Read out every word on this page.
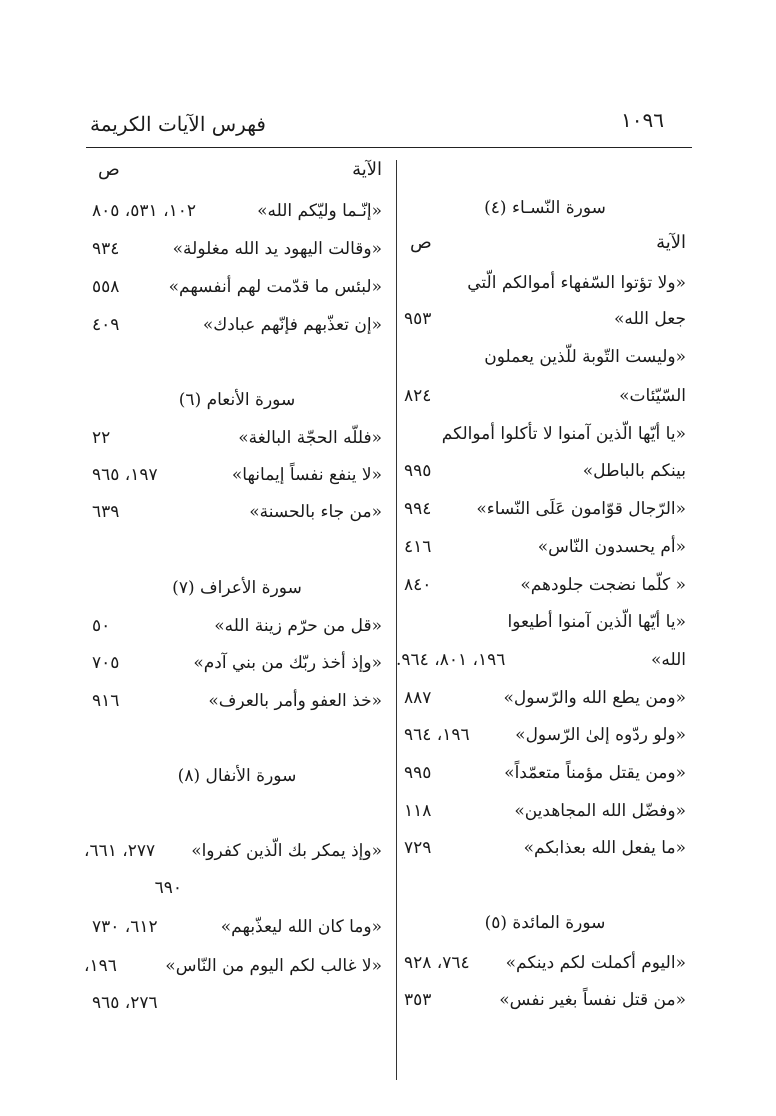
فهرس الآيات الكريمة	١٠٩٦
سورة النّسـاء (٤)
الآية
ص
«ولا تؤتوا السّفهاء أموالكم الّتي
جعل الله»
٩٥٣
«وليست التّوبة للّذين يعملون
السّيّئات»
٨٢٤
«يا أيّها الّذين آمنوا لا تأكلوا أموالكم
بينكم بالباطل»
٩٩٥
«الرّجال قوّامون عَلَى النّساء»
٩٩٤
«أم يحسدون النّاس»
٤١٦
« كلّما نضجت جلودهم»
٨٤٠
«يا أيّها الّذين آمنوا أطيعوا
الله»
١٩٦، ٨٠١، ٩٦٤.
«ومن يطع الله والرّسول»
٨٨٧
«ولو ردّوه إلىٰ الرّسول»
١٩٦، ٩٦٤
«ومن يقتل مؤمناً متعمّداً»
٩٩٥
«وفضّل الله المجاهدين»
١١٨
«ما يفعل الله بعذابكم»
٧٢٩
سورة المائدة (٥)
«اليوم أكملت لكم دينكم»
٧٦٤، ٩٢٨
«من قتل نفساً بغير نفس»
٣٥٣
الآية
ص
«إنّـما وليّكم الله»
١٠٢، ٥٣١، ٨٠٥
«وقالت اليهود يد الله مغلولة»
٩٣٤
«لبئس ما قدّمت لهم أنفسهم»
٥٥٨
«إن تعذّبهم فإنّهم عبادك»
٤٠٩
سورة الأنعام (٦)
«فللّه الحجّة البالغة»
٢٢
«لا ينفع نفساً إيمانها»
١٩٧، ٩٦٥
«من جاء بالحسنة»
٦٣٩
سورة الأعراف (٧)
«قل من حرّم زينة الله»
٥٠
«وإذ أخذ ربّك من بني آدم»
٧٠٥
«خذ العفو وأمر بالعرف»
٩١٦
سورة الأنفال (٨)
«وإذ يمكر بك الّذين كفروا»
٢٧٧، ٦٦١،
٦٩٠
«وما كان الله ليعذّبهم»
٦١٢، ٧٣٠
«لا غالب لكم اليوم من النّاس»
١٩٦،
٢٧٦، ٩٦٥
